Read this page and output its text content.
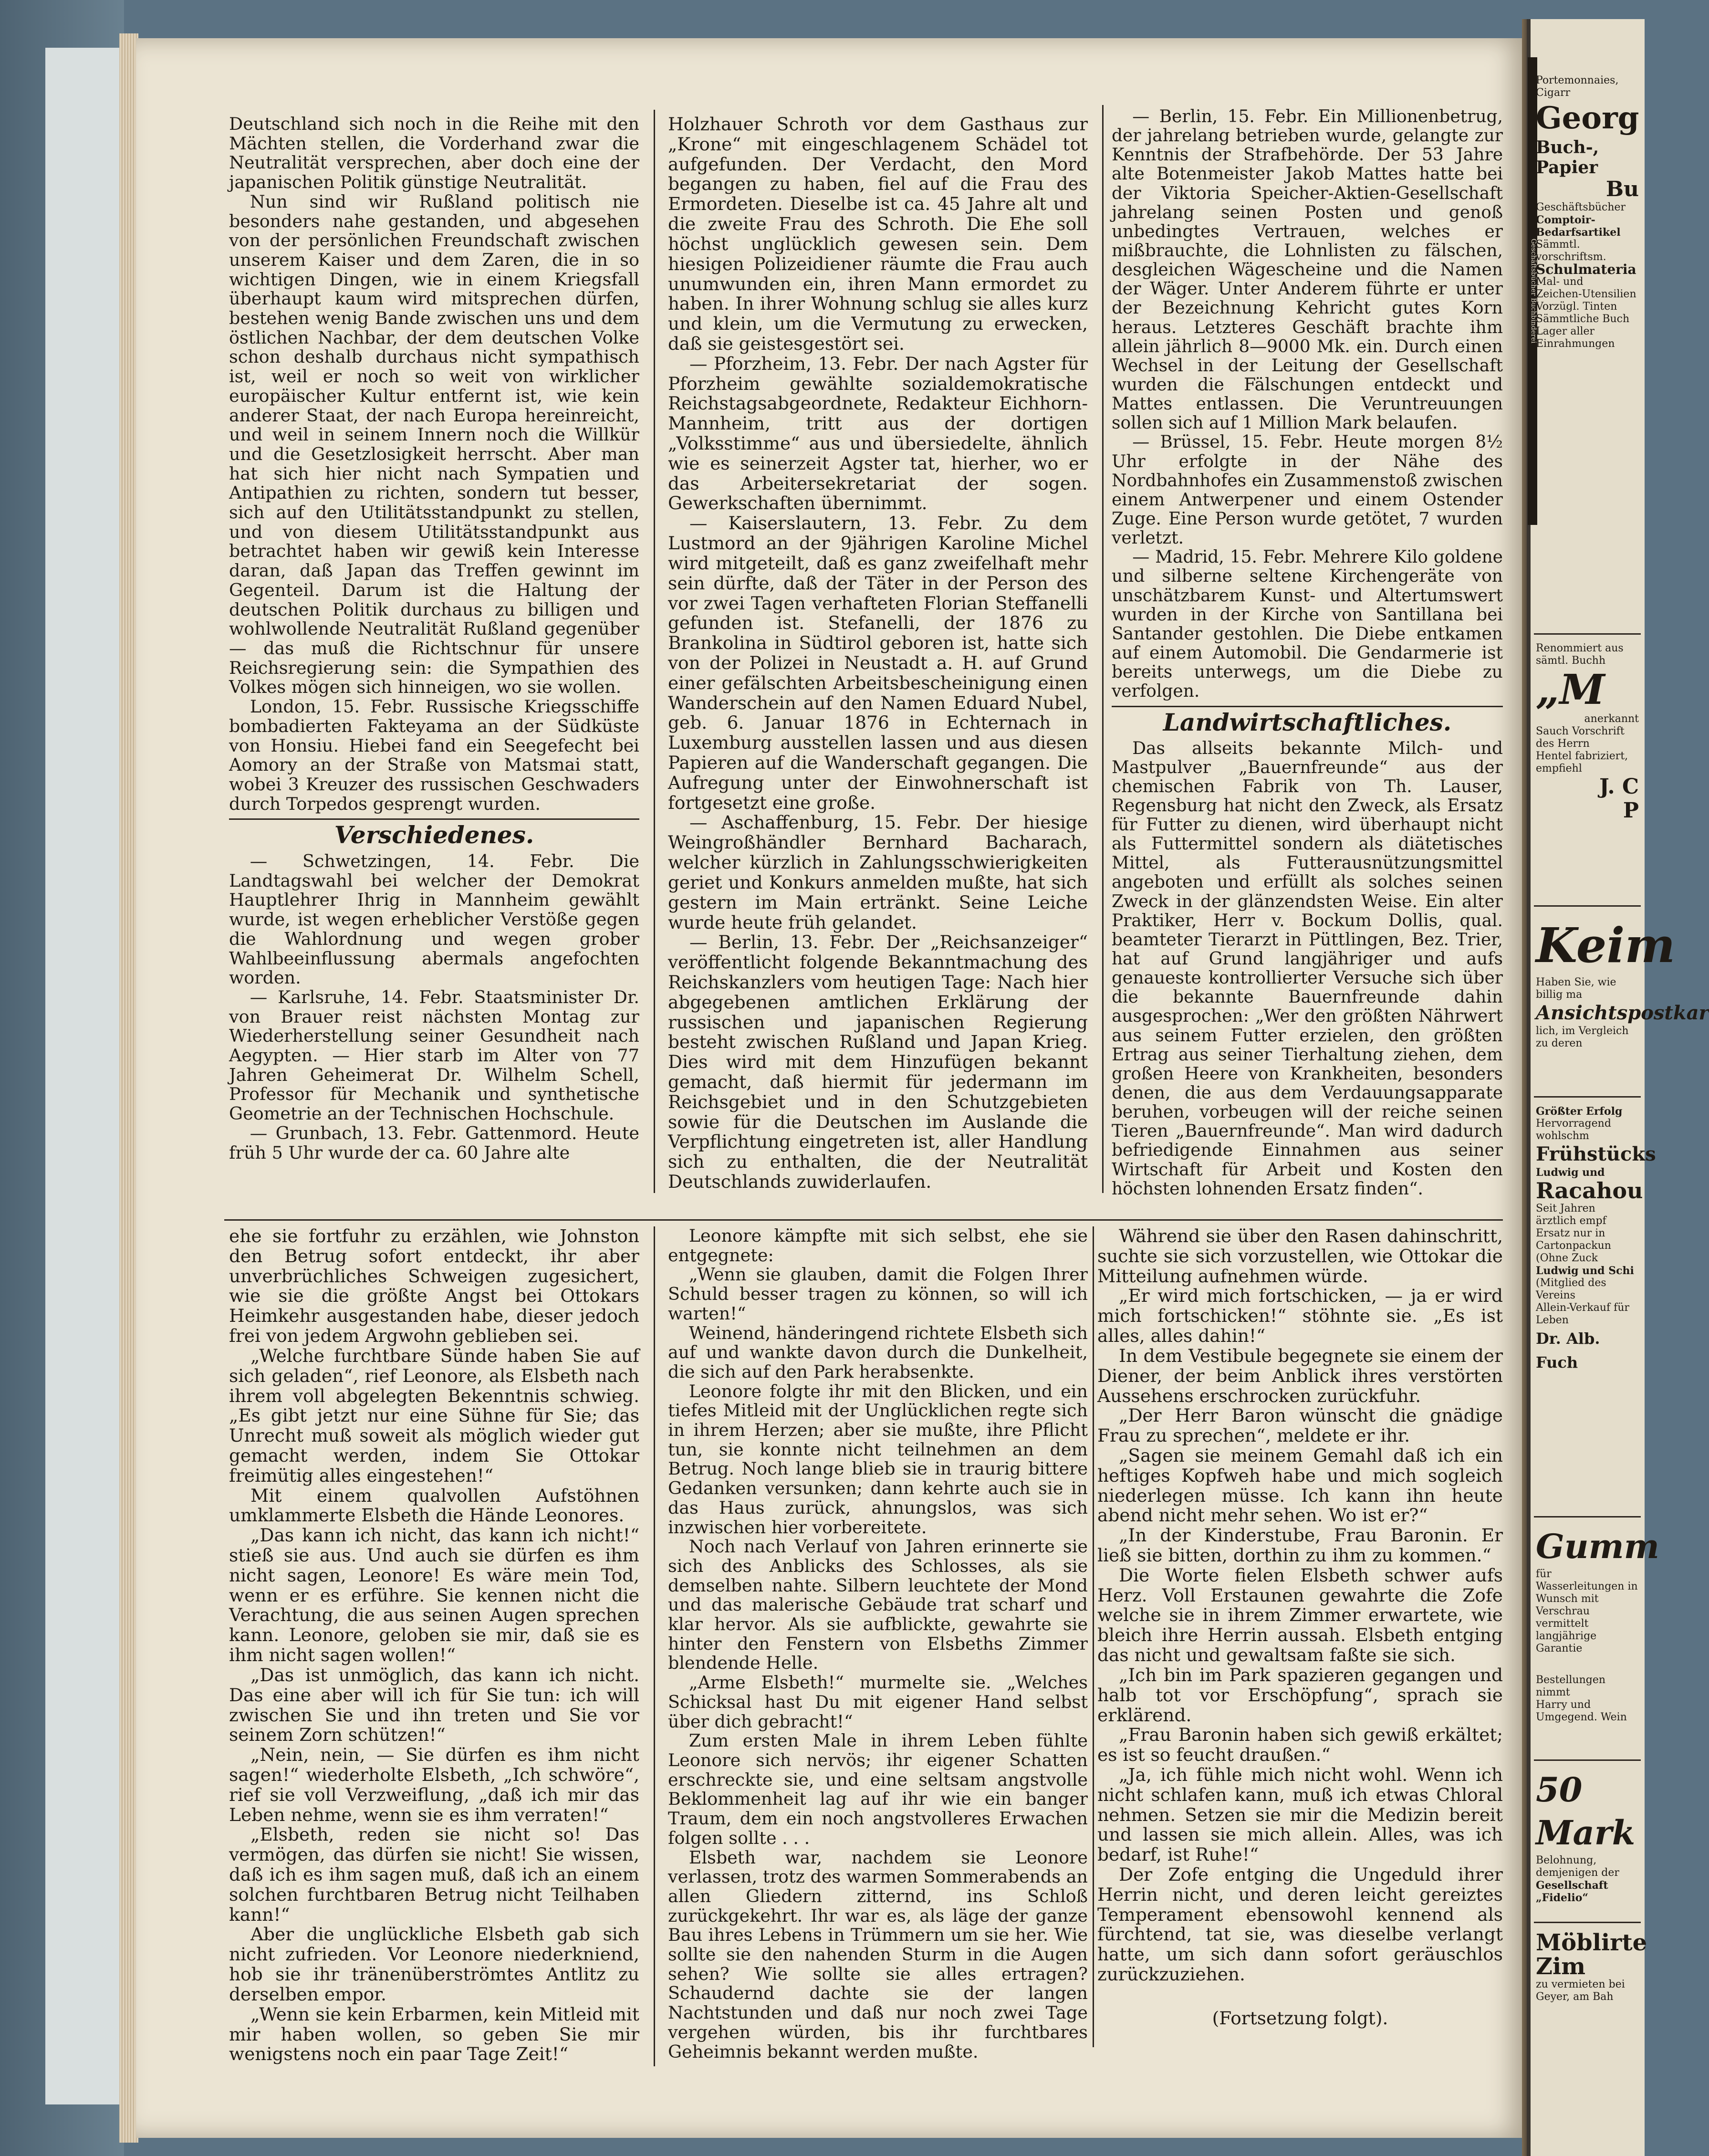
Geschäftsbücher Buchbinderei

Deutschland sich noch in die Reihe mit den Mächten stellen, die Vorderhand zwar die Neutralität versprechen, aber doch eine der japanischen Politik günstige Neutralität.

Nun sind wir Rußland politisch nie besonders nahe gestanden, und abgesehen von der persönlichen Freundschaft zwischen unserem Kaiser und dem Zaren, die in so wichtigen Dingen, wie in einem Kriegsfall überhaupt kaum wird mitsprechen dürfen, bestehen wenig Bande zwischen uns und dem östlichen Nachbar, der dem deutschen Volke schon deshalb durchaus nicht sympathisch ist, weil er noch so weit von wirklicher europäischer Kultur entfernt ist, wie kein anderer Staat, der nach Europa hereinreicht, und weil in seinem Innern noch die Willkür und die Gesetzlosigkeit herrscht. Aber man hat sich hier nicht nach Sympatien und Antipathien zu richten, sondern tut besser, sich auf den Utilitätsstandpunkt zu stellen, und von diesem Utilitätsstandpunkt aus betrachtet haben wir gewiß kein Interesse daran, daß Japan das Treffen gewinnt im Gegenteil. Darum ist die Haltung der deutschen Politik durchaus zu billigen und wohlwollende Neutralität Rußland gegenüber — das muß die Richtschnur für unsere Reichsregierung sein: die Sympathien des Volkes mögen sich hinneigen, wo sie wollen.

London, 15. Febr. Russische Kriegsschiffe bombadierten Fakteyama an der Südküste von Honsiu. Hiebei fand ein Seegefecht bei Aomory an der Straße von Matsmai statt, wobei 3 Kreuzer des russischen Geschwaders durch Torpedos gesprengt wurden.

Verschiedenes.

— Schwetzingen, 14. Febr. Die Landtagswahl bei welcher der Demokrat Hauptlehrer Ihrig in Mannheim gewählt wurde, ist wegen erheblicher Verstöße gegen die Wahlordnung und wegen grober Wahlbeeinflussung abermals angefochten worden.

— Karlsruhe, 14. Febr. Staatsminister Dr. von Brauer reist nächsten Montag zur Wiederherstellung seiner Gesundheit nach Aegypten. — Hier starb im Alter von 77 Jahren Geheimerat Dr. Wilhelm Schell, Professor für Mechanik und synthetische Geometrie an der Technischen Hochschule.

— Grunbach, 13. Febr. Gattenmord. Heute früh 5 Uhr wurde der ca. 60 Jahre alte

Holzhauer Schroth vor dem Gasthaus zur „Krone“ mit eingeschlagenem Schädel tot aufgefunden. Der Verdacht, den Mord begangen zu haben, fiel auf die Frau des Ermordeten. Dieselbe ist ca. 45 Jahre alt und die zweite Frau des Schroth. Die Ehe soll höchst unglücklich gewesen sein. Dem hiesigen Polizeidiener räumte die Frau auch unumwunden ein, ihren Mann ermordet zu haben. In ihrer Wohnung schlug sie alles kurz und klein, um die Vermutung zu erwecken, daß sie geistesgestört sei.

— Pforzheim, 13. Febr. Der nach Agster für Pforzheim gewählte sozialdemokratische Reichstagsabgeordnete, Redakteur Eichhorn-Mannheim, tritt aus der dortigen „Volksstimme“ aus und übersiedelte, ähnlich wie es seinerzeit Agster tat, hierher, wo er das Arbeitersekretariat der sogen. Gewerkschaften übernimmt.

— Kaiserslautern, 13. Febr. Zu dem Lustmord an der 9jährigen Karoline Michel wird mitgeteilt, daß es ganz zweifelhaft mehr sein dürfte, daß der Täter in der Person des vor zwei Tagen verhafteten Florian Steffanelli gefunden ist. Stefanelli, der 1876 zu Brankolina in Südtirol geboren ist, hatte sich von der Polizei in Neustadt a. H. auf Grund einer gefälschten Arbeitsbescheinigung einen Wanderschein auf den Namen Eduard Nubel, geb. 6. Januar 1876 in Echternach in Luxemburg ausstellen lassen und aus diesen Papieren auf die Wanderschaft gegangen. Die Aufregung unter der Einwohnerschaft ist fortgesetzt eine große.

— Aschaffenburg, 15. Febr. Der hiesige Weingroßhändler Bernhard Bacharach, welcher kürzlich in Zahlungsschwierigkeiten geriet und Konkurs anmelden mußte, hat sich gestern im Main ertränkt. Seine Leiche wurde heute früh gelandet.

— Berlin, 13. Febr. Der „Reichsanzeiger“ veröffentlicht folgende Bekanntmachung des Reichskanzlers vom heutigen Tage: Nach hier abgegebenen amtlichen Erklärung der russischen und japanischen Regierung besteht zwischen Rußland und Japan Krieg. Dies wird mit dem Hinzufügen bekannt gemacht, daß hiermit für jedermann im Reichsgebiet und in den Schutzgebieten sowie für die Deutschen im Auslande die Verpflichtung eingetreten ist, aller Handlung sich zu enthalten, die der Neutralität Deutschlands zuwiderlaufen.

— Berlin, 15. Febr. Ein Millionenbetrug, der jahrelang betrieben wurde, gelangte zur Kenntnis der Strafbehörde. Der 53 Jahre alte Botenmeister Jakob Mattes hatte bei der Viktoria Speicher-Aktien-Gesellschaft jahrelang seinen Posten und genoß unbedingtes Vertrauen, welches er mißbrauchte, die Lohnlisten zu fälschen, desgleichen Wägescheine und die Namen der Wäger. Unter Anderem führte er unter der Bezeichnung Kehricht gutes Korn heraus. Letzteres Geschäft brachte ihm allein jährlich 8—9000 Mk. ein. Durch einen Wechsel in der Leitung der Gesellschaft wurden die Fälschungen entdeckt und Mattes entlassen. Die Veruntreuungen sollen sich auf 1 Million Mark belaufen.

— Brüssel, 15. Febr. Heute morgen 8½ Uhr erfolgte in der Nähe des Nordbahnhofes ein Zusammenstoß zwischen einem Antwerpener und einem Ostender Zuge. Eine Person wurde getötet, 7 wurden verletzt.

— Madrid, 15. Febr. Mehrere Kilo goldene und silberne seltene Kirchengeräte von unschätzbarem Kunst- und Altertumswert wurden in der Kirche von Santillana bei Santander gestohlen. Die Diebe entkamen auf einem Automobil. Die Gendarmerie ist bereits unterwegs, um die Diebe zu verfolgen.

Landwirtschaftliches.

Das allseits bekannte Milch- und Mastpulver „Bauernfreunde“ aus der chemischen Fabrik von Th. Lauser, Regensburg hat nicht den Zweck, als Ersatz für Futter zu dienen, wird überhaupt nicht als Futtermittel sondern als diätetisches Mittel, als Futterausnützungsmittel angeboten und erfüllt als solches seinen Zweck in der glänzendsten Weise. Ein alter Praktiker, Herr v. Bockum Dollis, qual. beamteter Tierarzt in Püttlingen, Bez. Trier, hat auf Grund langjähriger und aufs genaueste kontrollierter Versuche sich über die bekannte Bauernfreunde dahin ausgesprochen: „Wer den größten Nährwert aus seinem Futter erzielen, den größten Ertrag aus seiner Tierhaltung ziehen, dem großen Heere von Krankheiten, besonders denen, die aus dem Verdauungsapparate beruhen, vorbeugen will der reiche seinen Tieren „Bauernfreunde“. Man wird dadurch befriedigende Einnahmen aus seiner Wirtschaft für Arbeit und Kosten den höchsten lohnenden Ersatz finden“.

ehe sie fortfuhr zu erzählen, wie Johnston den Betrug sofort entdeckt, ihr aber unverbrüchliches Schweigen zugesichert, wie sie die größte Angst bei Ottokars Heimkehr ausgestanden habe, dieser jedoch frei von jedem Argwohn geblieben sei.

„Welche furchtbare Sünde haben Sie auf sich geladen“, rief Leonore, als Elsbeth nach ihrem voll abgelegten Bekenntnis schwieg. „Es gibt jetzt nur eine Sühne für Sie; das Unrecht muß soweit als möglich wieder gut gemacht werden, indem Sie Ottokar freimütig alles eingestehen!“

Mit einem qualvollen Aufstöhnen umklammerte Elsbeth die Hände Leonores.

„Das kann ich nicht, das kann ich nicht!“ stieß sie aus. Und auch sie dürfen es ihm nicht sagen, Leonore! Es wäre mein Tod, wenn er es erführe. Sie kennen nicht die Verachtung, die aus seinen Augen sprechen kann. Leonore, geloben sie mir, daß sie es ihm nicht sagen wollen!“

„Das ist unmöglich, das kann ich nicht. Das eine aber will ich für Sie tun: ich will zwischen Sie und ihn treten und Sie vor seinem Zorn schützen!“

„Nein, nein, — Sie dürfen es ihm nicht sagen!“ wiederholte Elsbeth, „Ich schwöre“, rief sie voll Verzweiflung, „daß ich mir das Leben nehme, wenn sie es ihm verraten!“

„Elsbeth, reden sie nicht so! Das vermögen, das dürfen sie nicht! Sie wissen, daß ich es ihm sagen muß, daß ich an einem solchen furchtbaren Betrug nicht Teilhaben kann!“

Aber die unglückliche Elsbeth gab sich nicht zufrieden. Vor Leonore niederkniend, hob sie ihr tränenüberströmtes Antlitz zu derselben empor.

„Wenn sie kein Erbarmen, kein Mitleid mit mir haben wollen, so geben Sie mir wenigstens noch ein paar Tage Zeit!“

Leonore kämpfte mit sich selbst, ehe sie entgegnete:

„Wenn sie glauben, damit die Folgen Ihrer Schuld besser tragen zu können, so will ich warten!“

Weinend, händeringend richtete Elsbeth sich auf und wankte davon durch die Dunkelheit, die sich auf den Park herabsenkte.

Leonore folgte ihr mit den Blicken, und ein tiefes Mitleid mit der Unglücklichen regte sich in ihrem Herzen; aber sie mußte, ihre Pflicht tun, sie konnte nicht teilnehmen an dem Betrug. Noch lange blieb sie in traurig bittere Gedanken versunken; dann kehrte auch sie in das Haus zurück, ahnungslos, was sich inzwischen hier vorbereitete.

Noch nach Verlauf von Jahren erinnerte sie sich des Anblicks des Schlosses, als sie demselben nahte. Silbern leuchtete der Mond und das malerische Gebäude trat scharf und klar hervor. Als sie aufblickte, gewahrte sie hinter den Fenstern von Elsbeths Zimmer blendende Helle.

„Arme Elsbeth!“ murmelte sie. „Welches Schicksal hast Du mit eigener Hand selbst über dich gebracht!“

Zum ersten Male in ihrem Leben fühlte Leonore sich nervös; ihr eigener Schatten erschreckte sie, und eine seltsam angstvolle Beklommenheit lag auf ihr wie ein banger Traum, dem ein noch angstvolleres Erwachen folgen sollte . . .

Elsbeth war, nachdem sie Leonore verlassen, trotz des warmen Sommerabends an allen Gliedern zitternd, ins Schloß zurückgekehrt. Ihr war es, als läge der ganze Bau ihres Lebens in Trümmern um sie her. Wie sollte sie den nahenden Sturm in die Augen sehen? Wie sollte sie alles ertragen? Schaudernd dachte sie der langen Nachtstunden und daß nur noch zwei Tage vergehen würden, bis ihr furchtbares Geheimnis bekannt werden mußte.

Während sie über den Rasen dahinschritt, suchte sie sich vorzustellen, wie Ottokar die Mitteilung aufnehmen würde.

„Er wird mich fortschicken, — ja er wird mich fortschicken!“ stöhnte sie. „Es ist alles, alles dahin!“

In dem Vestibule begegnete sie einem der Diener, der beim Anblick ihres verstörten Aussehens erschrocken zurückfuhr.

„Der Herr Baron wünscht die gnädige Frau zu sprechen“, meldete er ihr.

„Sagen sie meinem Gemahl daß ich ein heftiges Kopfweh habe und mich sogleich niederlegen müsse. Ich kann ihn heute abend nicht mehr sehen. Wo ist er?“

„In der Kinderstube, Frau Baronin. Er ließ sie bitten, dorthin zu ihm zu kommen.“

Die Worte fielen Elsbeth schwer aufs Herz. Voll Erstaunen gewahrte die Zofe welche sie in ihrem Zimmer erwartete, wie bleich ihre Herrin aussah. Elsbeth entging das nicht und gewaltsam faßte sie sich.

„Ich bin im Park spazieren gegangen und halb tot vor Erschöpfung“, sprach sie erklärend.

„Frau Baronin haben sich gewiß erkältet; es ist so feucht draußen.“

„Ja, ich fühle mich nicht wohl. Wenn ich nicht schlafen kann, muß ich etwas Chloral nehmen. Setzen sie mir die Medizin bereit und lassen sie mich allein. Alles, was ich bedarf, ist Ruhe!“

Der Zofe entging die Ungeduld ihrer Herrin nicht, und deren leicht gereiztes Temperament ebensowohl kennend als fürchtend, tat sie, was dieselbe verlangt hatte, um sich dann sofort geräuschlos zurückzuziehen.

(Fortsetzung folgt).

Portemonnaies, Cigarr
Georg
Buch-, Papier
Bu
Geschäftsbücher
Comptoir-
Bedarfsartikel
Sämmtl. vorschriftsm.
Schulmateria
Mal- und
Zeichen-Utensilien
Vorzügl. Tinten
Sämmtliche Buch
Lager aller
Einrahmungen
Renommiert aus sämtl. Buchh
„M
anerkannt
Sauch Vorschrift des Herrn
Hentel fabriziert, empfiehl
J. C
P
Keim
Haben Sie, wie billig ma
Ansichtspostkar
lich, im Vergleich zu deren
Größter Erfolg
Hervorragend wohlschm
Frühstücks
Ludwig und
Racahou
Seit Jahren ärztlich empf
Ersatz nur in Cartonpackun
(Ohne Zuck
Ludwig und Schi
(Mitglied des Vereins
Allein-Verkauf für Leben
Dr. Alb. Fuch
Gumm
für Wasserleitungen in
Wunsch mit Verschrau
vermittelt langjährige Garantie
Bestellungen nimmt
Harry und Umgegend. Wein
50 Mark
Belohnung, demjenigen der
Gesellschaft „Fidelio“
Möblirte Zim
zu vermieten bei
Geyer, am Bah
